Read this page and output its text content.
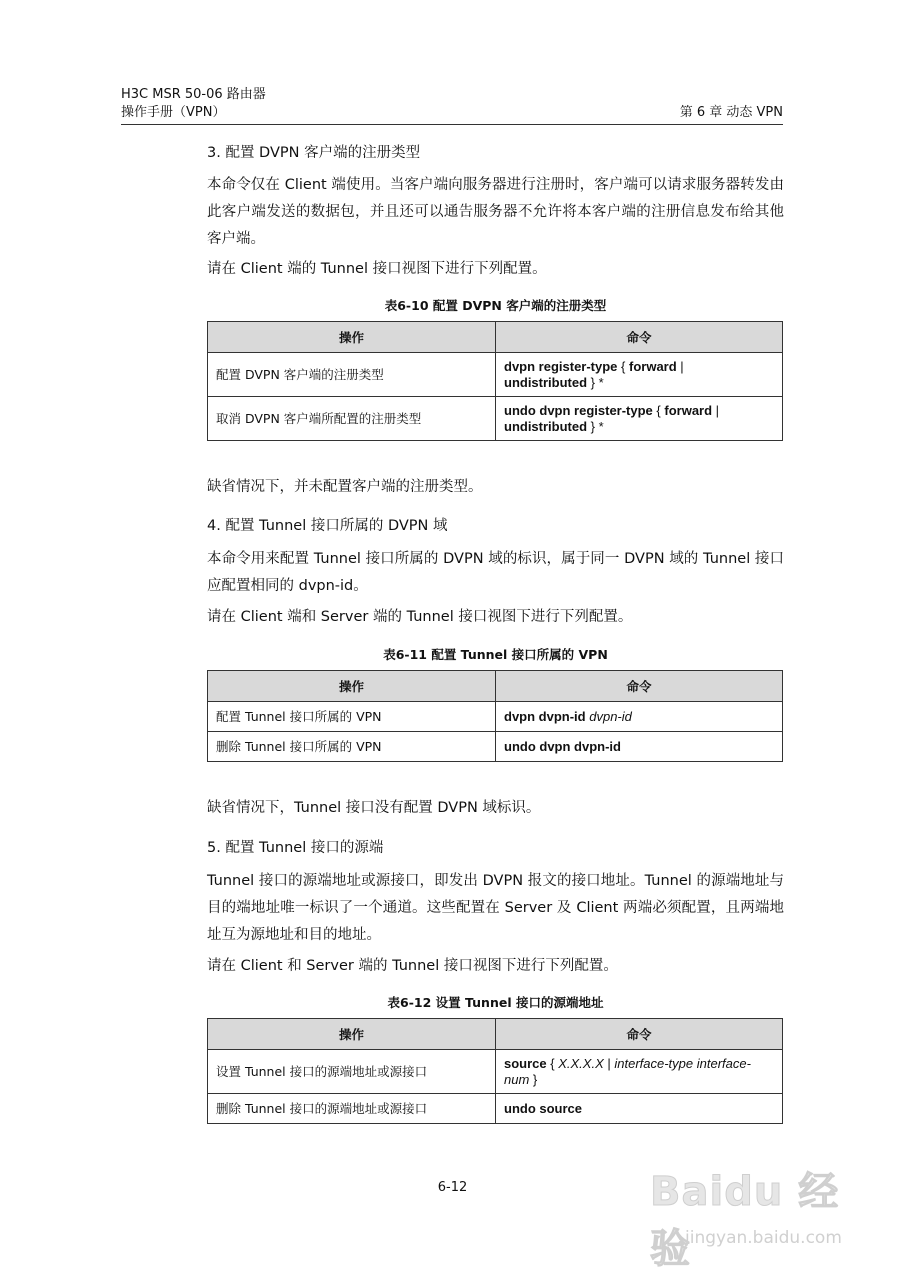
H3C MSR 50-06 路由器
操作手册（VPN）	第 6 章 动态 VPN
3. 配置 DVPN 客户端的注册类型

本命令仅在 Client 端使用。当客户端向服务器进行注册时，客户端可以请求服务器转发由此客户端发送的数据包，并且还可以通告服务器不允许将本客户端的注册信息发布给其他客户端。

请在 Client 端的 Tunnel 接口视图下进行下列配置。

表6-10 配置 DVPN 客户端的注册类型
操作	命令
配置 DVPN 客户端的注册类型	dvpn register-type { forward |
undistributed } *
取消 DVPN 客户端所配置的注册类型	undo dvpn register-type { forward |
undistributed } *

缺省情况下，并未配置客户端的注册类型。

4. 配置 Tunnel 接口所属的 DVPN 域

本命令用来配置 Tunnel 接口所属的 DVPN 域的标识，属于同一 DVPN 域的 Tunnel 接口应配置相同的 dvpn-id。

请在 Client 端和 Server 端的 Tunnel 接口视图下进行下列配置。

表6-11 配置 Tunnel 接口所属的 VPN
操作	命令
配置 Tunnel 接口所属的 VPN	dvpn dvpn-id dvpn-id
删除 Tunnel 接口所属的 VPN	undo dvpn dvpn-id

缺省情况下，Tunnel 接口没有配置 DVPN 域标识。

5. 配置 Tunnel 接口的源端

Tunnel 接口的源端地址或源接口，即发出 DVPN 报文的接口地址。Tunnel 的源端地址与目的端地址唯一标识了一个通道。这些配置在 Server 及 Client 两端必须配置，且两端地址互为源地址和目的地址。

请在 Client 和 Server 端的 Tunnel 接口视图下进行下列配置。

表6-12 设置 Tunnel 接口的源端地址
操作	命令
设置 Tunnel 接口的源端地址或源接口	source { X.X.X.X | interface-type interface-num }
删除 Tunnel 接口的源端地址或源接口	undo source
6-12	Baidu 经验
jingyan.baidu.com
